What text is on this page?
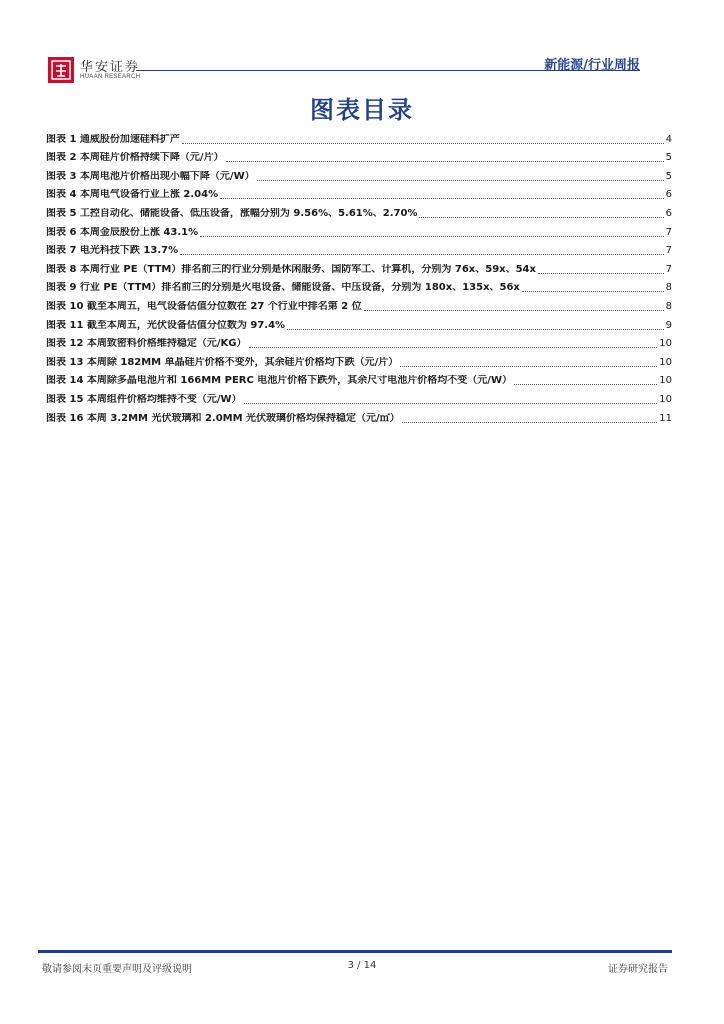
华安证券
HUAAN RESEARCH
新能源/行业周报
图表目录
图表 1 通威股份加速硅料扩产	4
图表 2 本周硅片价格持续下降（元/片）	5
图表 3 本周电池片价格出现小幅下降（元/W）	5
图表 4 本周电气设备行业上涨 2.04%	6
图表 5 工控自动化、储能设备、低压设备，涨幅分别为 9.56%、5.61%、2.70%	6
图表 6 本周金辰股份上涨 43.1%	7
图表 7 电光科技下跌 13.7%	7
图表 8 本周行业 PE（TTM）排名前三的行业分别是休闲服务、国防军工、计算机，分别为 76x、59x、54x	7
图表 9 行业 PE（TTM）排名前三的分别是火电设备、储能设备、中压设备，分别为 180x、135x、56x	8
图表 10 截至本周五，电气设备估值分位数在 27 个行业中排名第 2 位	8
图表 11 截至本周五，光伏设备估值分位数为 97.4%	9
图表 12 本周致密料价格维持稳定（元/KG）	10
图表 13 本周除 182MM 单晶硅片价格不变外，其余硅片价格均下跌（元/片）	10
图表 14 本周除多晶电池片和 166MM PERC 电池片价格下跌外，其余尺寸电池片价格均不变（元/W）	10
图表 15 本周组件价格均维持不变（元/W）	10
图表 16 本周 3.2MM 光伏玻璃和 2.0MM 光伏玻璃价格均保持稳定（元/㎡）	11
敬请参阅末页重要声明及评级说明	3 / 14	证券研究报告
